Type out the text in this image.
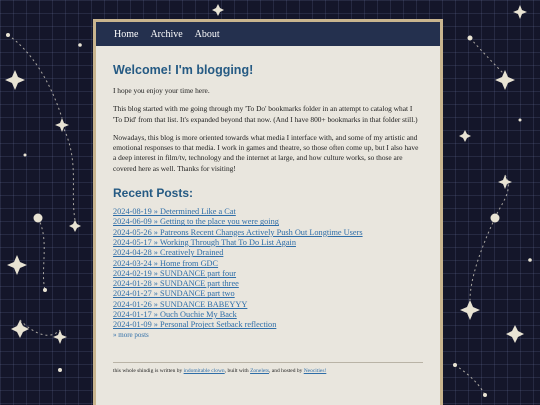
Home Archive About
Welcome! I'm blogging!

I hope you enjoy your time here.

This blog started with me going through my 'To Do' bookmarks folder in an attempt to catalog what I 'To Did' from that list. It's expanded beyond that now. (And I have 800+ bookmarks in that folder still.)

Nowadays, this blog is more oriented towards what media I interface with, and some of my artistic and emotional responses to that media. I work in games and theatre, so those often come up, but I also have a deep interest in film/tv, technology and the internet at large, and how culture works, so those are covered here as well. Thanks for visiting!

Recent Posts:
2024-08-19 » Determined Like a Cat
2024-06-09 » Getting to the place you were going
2024-05-26 » Patreons Recent Changes Actively Push Out Longtime Users
2024-05-17 » Working Through That To Do List Again
2024-04-28 » Creatively Drained
2024-03-24 » Home from GDC
2024-02-19 » SUNDANCE part four
2024-01-28 » SUNDANCE part three
2024-01-27 » SUNDANCE part two
2024-01-26 » SUNDANCE BABEYYY
2024-01-17 » Ouch Ouchie My Back
2024-01-09 » Personal Project Setback reflection
» more posts
this whole shindig is written by indomitable clown, built with Zonelets, and hosted by Neocities!
